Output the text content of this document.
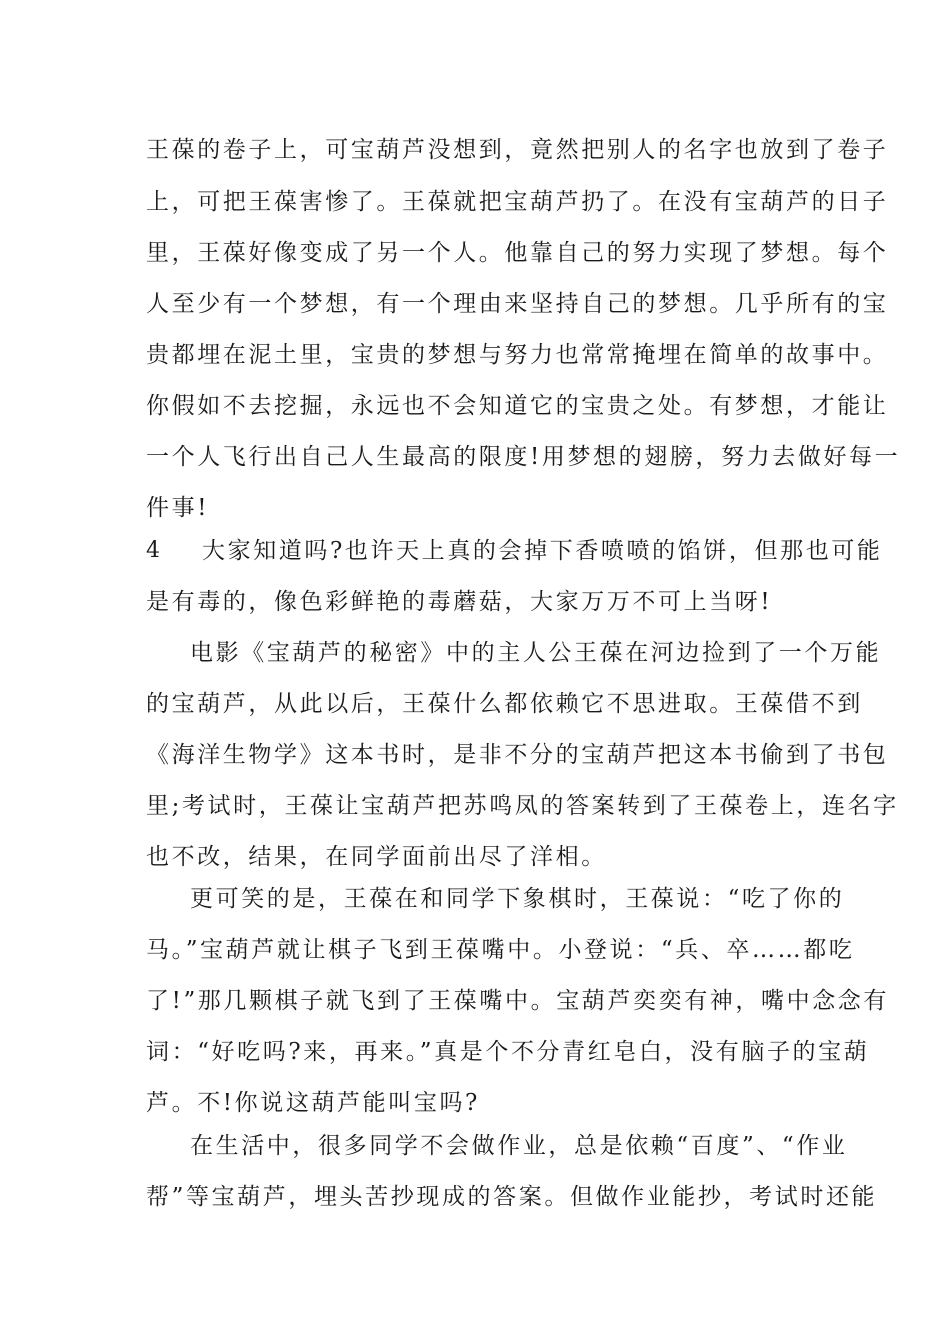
王葆的卷子上，可宝葫芦没想到，竟然把别人的名字也放到了卷子
上，可把王葆害惨了。王葆就把宝葫芦扔了。在没有宝葫芦的日子
里，王葆好像变成了另一个人。他靠自己的努力实现了梦想。每个
人至少有一个梦想，有一个理由来坚持自己的梦想。几乎所有的宝
贵都埋在泥土里，宝贵的梦想与努力也常常掩埋在简单的故事中。
你假如不去挖掘，永远也不会知道它的宝贵之处。有梦想，才能让
一个人飞行出自己人生最高的限度!用梦想的翅膀，努力去做好每一
件事!
4 大家知道吗?也许天上真的会掉下香喷喷的馅饼，但那也可能
是有毒的，像色彩鲜艳的毒蘑菇，大家万万不可上当呀!
电影《宝葫芦的秘密》中的主人公王葆在河边捡到了一个万能
的宝葫芦，从此以后，王葆什么都依赖它不思进取。王葆借不到
《海洋生物学》这本书时，是非不分的宝葫芦把这本书偷到了书包
里;考试时，王葆让宝葫芦把苏鸣凤的答案转到了王葆卷上，连名字
也不改，结果，在同学面前出尽了洋相。
更可笑的是，王葆在和同学下象棋时，王葆说：“吃了你的
马。”宝葫芦就让棋子飞到王葆嘴中。小登说：“兵、卒……都吃
了!”那几颗棋子就飞到了王葆嘴中。宝葫芦奕奕有神，嘴中念念有
词：“好吃吗?来，再来。”真是个不分青红皂白，没有脑子的宝葫
芦。不!你说这葫芦能叫宝吗?
在生活中，很多同学不会做作业，总是依赖“百度”、“作业
帮”等宝葫芦，埋头苦抄现成的答案。但做作业能抄，考试时还能
